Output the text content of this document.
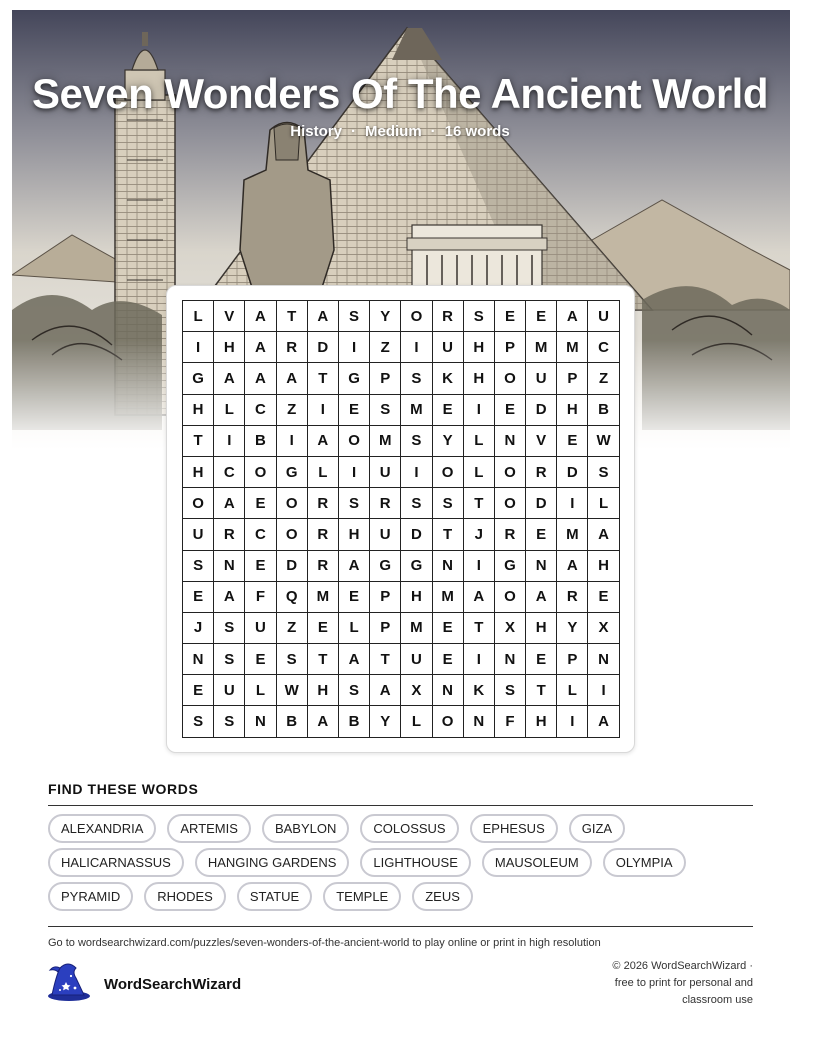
Seven Wonders Of The Ancient World
History · Medium · 16 words
L	V	A	T	A	S	Y	O	R	S	E	E	A	U
I	H	A	R	D	I	Z	I	U	H	P	M	M	C
G	A	A	A	T	G	P	S	K	H	O	U	P	Z
H	L	C	Z	I	E	S	M	E	I	E	D	H	B
T	I	B	I	A	O	M	S	Y	L	N	V	E	W
H	C	O	G	L	I	U	I	O	L	O	R	D	S
O	A	E	O	R	S	R	S	S	T	O	D	I	L
U	R	C	O	R	H	U	D	T	J	R	E	M	A
S	N	E	D	R	A	G	G	N	I	G	N	A	H
E	A	F	Q	M	E	P	H	M	A	O	A	R	E
J	S	U	Z	E	L	P	M	E	T	X	H	Y	X
N	S	E	S	T	A	T	U	E	I	N	E	P	N
E	U	L	W	H	S	A	X	N	K	S	T	L	I
S	S	N	B	A	B	Y	L	O	N	F	H	I	A
FIND THESE WORDS
ALEXANDRIA	ARTEMIS	BABYLON	COLOSSUS	EPHESUS	GIZA
HALICARNASSUS	HANGING GARDENS	LIGHTHOUSE	MAUSOLEUM	OLYMPIA
PYRAMID	RHODES	STATUE	TEMPLE	ZEUS
Go to wordsearchwizard.com/puzzles/seven-wonders-of-the-ancient-world to play online or print in high resolution
WordSearchWizard
© 2026 WordSearchWizard ·
free to print for personal and
classroom use
